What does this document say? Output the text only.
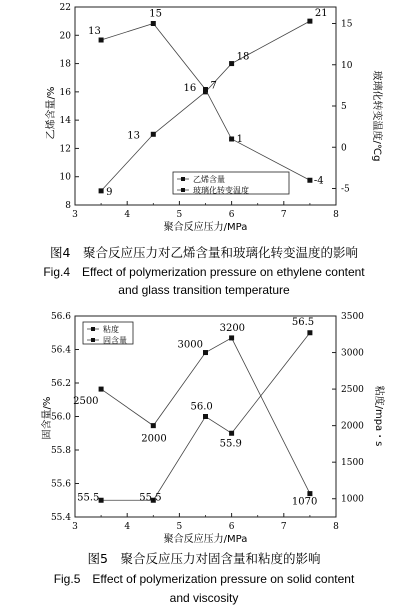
3	4	5	6	7	8
聚合反应压力/MPa
8
10
12
14
16
18
20
22
乙烯含量/%
-5
0
5
10
15
玻璃化转变温度/℃g
9
13
16
18
21
13
15
7
1
-4
乙烯含量
玻璃化转变温度
图4　聚合反应压力对乙烯含量和玻璃化转变温度的影响
Fig.4　Effect of polymerization pressure on ethylene content
and glass transition temperature
3	4	5	6	7	8
聚合反应压力/MPa
55.4
55.6
55.8
56.0
56.2
56.4
56.6
固含量/%
1000
1500
2000
2500
3000
3500
粘度/mpa・s
2500
2000
3000
3200
1070
55.5	55.5
56.0
55.9
56.5
粘度
固含量
图5　聚合反应压力对固含量和粘度的影响
Fig.5　Effect of polymerization pressure on solid content
and viscosity
